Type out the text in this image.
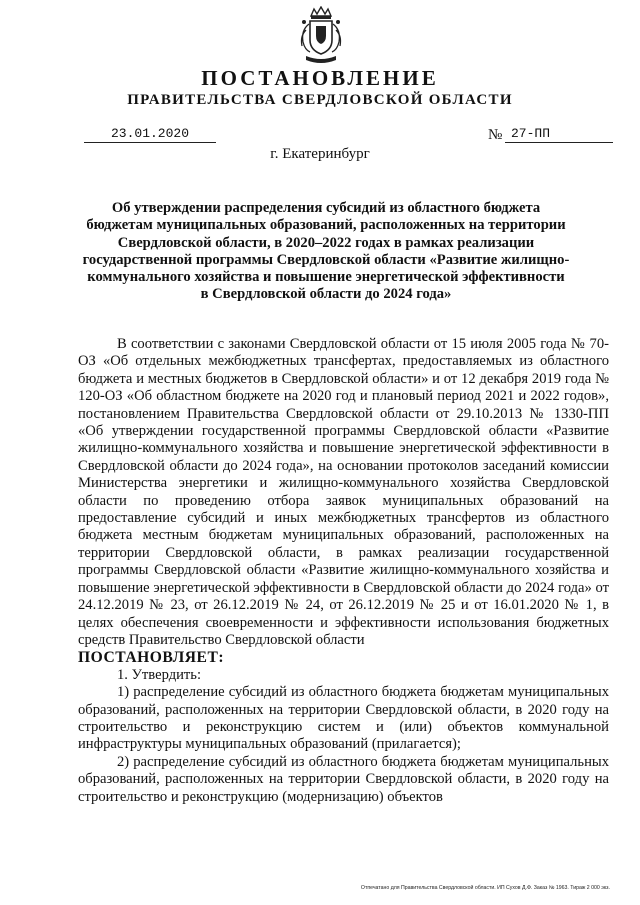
ПОСТАНОВЛЕНИЕ
ПРАВИТЕЛЬСТВА СВЕРДЛОВСКОЙ ОБЛАСТИ
23.01.2020	№ 27-ПП
г. Екатеринбург
Об утверждении распределения субсидий из областного бюджета бюджетам муниципальных образований, расположенных на территории Свердловской области, в 2020–2022 годах в рамках реализации государственной программы Свердловской области «Развитие жилищно-коммунального хозяйства и повышение энергетической эффективности в Свердловской области до 2024 года»

В соответствии с законами Свердловской области от 15 июля 2005 года № 70-ОЗ «Об отдельных межбюджетных трансфертах, предоставляемых из областного бюджета и местных бюджетов в Свердловской области» и от 12 декабря 2019 года № 120-ОЗ «Об областном бюджете на 2020 год и плановый период 2021 и 2022 годов», постановлением Правительства Свердловской области от 29.10.2013 № 1330-ПП «Об утверждении государственной программы Свердловской области «Развитие жилищно-коммунального хозяйства и повышение энергетической эффективности в Свердловской области до 2024 года», на основании протоколов заседаний комиссии Министерства энергетики и жилищно-коммунального хозяйства Свердловской области по проведению отбора заявок муниципальных образований на предоставление субсидий и иных межбюджетных трансфертов из областного бюджета местным бюджетам муниципальных образований, расположенных на территории Свердловской области, в рамках реализации государственной программы Свердловской области «Развитие жилищно-коммунального хозяйства и повышение энергетической эффективности в Свердловской области до 2024 года» от 24.12.2019 № 23, от 26.12.2019 № 24, от 26.12.2019 № 25 и от 16.01.2020 № 1, в целях обеспечения своевременности и эффективности использования бюджетных средств Правительство Свердловской области

ПОСТАНОВЛЯЕТ:

1. Утвердить:

1) распределение субсидий из областного бюджета бюджетам муниципальных образований, расположенных на территории Свердловской области, в 2020 году на строительство и реконструкцию систем и (или) объектов коммунальной инфраструктуры муниципальных образований (прилагается);

2) распределение субсидий из областного бюджета бюджетам муниципальных образований, расположенных на территории Свердловской области, в 2020 году на строительство и реконструкцию (модернизацию) объектов

Отпечатано для Правительства Свердловской области. ИП Сухов Д.Ф. Заказ № 1963. Тираж 2 000 экз.
